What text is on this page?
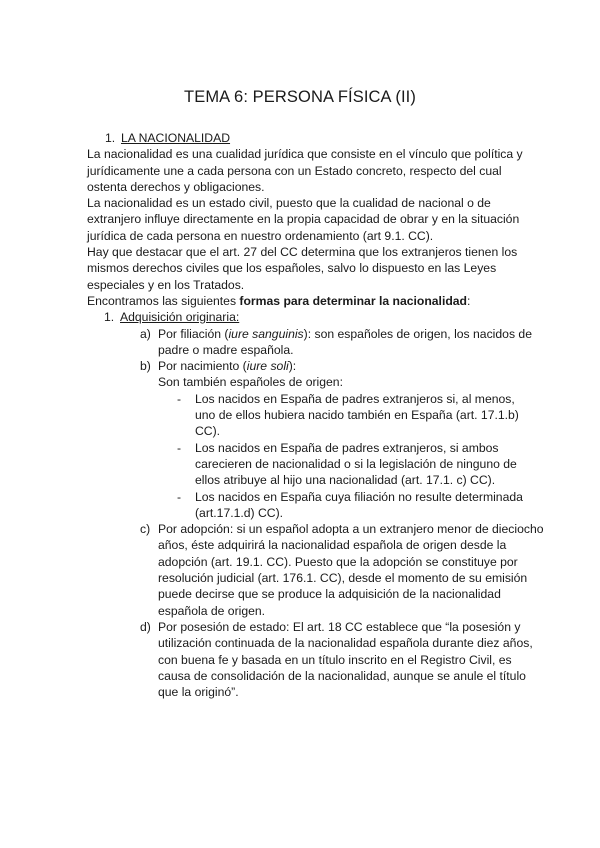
TEMA 6: PERSONA FÍSICA (II)
1. LA NACIONALIDAD

La nacionalidad es una cualidad jurídica que consiste en el vínculo que política y jurídicamente une a cada persona con un Estado concreto, respecto del cual ostenta derechos y obligaciones.

La nacionalidad es un estado civil, puesto que la cualidad de nacional o de extranjero influye directamente en la propia capacidad de obrar y en la situación jurídica de cada persona en nuestro ordenamiento (art 9.1. CC).

Hay que destacar que el art. 27 del CC determina que los extranjeros tienen los mismos derechos civiles que los españoles, salvo lo dispuesto en las Leyes especiales y en los Tratados.

Encontramos las siguientes formas para determinar la nacionalidad:

1. Adquisición originaria:
a) Por filiación (iure sanguinis): son españoles de origen, los nacidos de padre o madre española.
b) Por nacimiento (iure soli):
Son también españoles de origen:
- Los nacidos en España de padres extranjeros si, al menos, uno de ellos hubiera nacido también en España (art. 17.1.b) CC).
- Los nacidos en España de padres extranjeros, si ambos carecieren de nacionalidad o si la legislación de ninguno de ellos atribuye al hijo una nacionalidad (art. 17.1. c) CC).
- Los nacidos en España cuya filiación no resulte determinada (art.17.1.d) CC).
c) Por adopción: si un español adopta a un extranjero menor de dieciocho años, éste adquirirá la nacionalidad española de origen desde la adopción (art. 19.1. CC). Puesto que la adopción se constituye por resolución judicial (art. 176.1. CC), desde el momento de su emisión puede decirse que se produce la adquisición de la nacionalidad española de origen.
d) Por posesión de estado: El art. 18 CC establece que “la posesión y utilización continuada de la nacionalidad española durante diez años, con buena fe y basada en un título inscrito en el Registro Civil, es causa de consolidación de la nacionalidad, aunque se anule el título que la originó”.
